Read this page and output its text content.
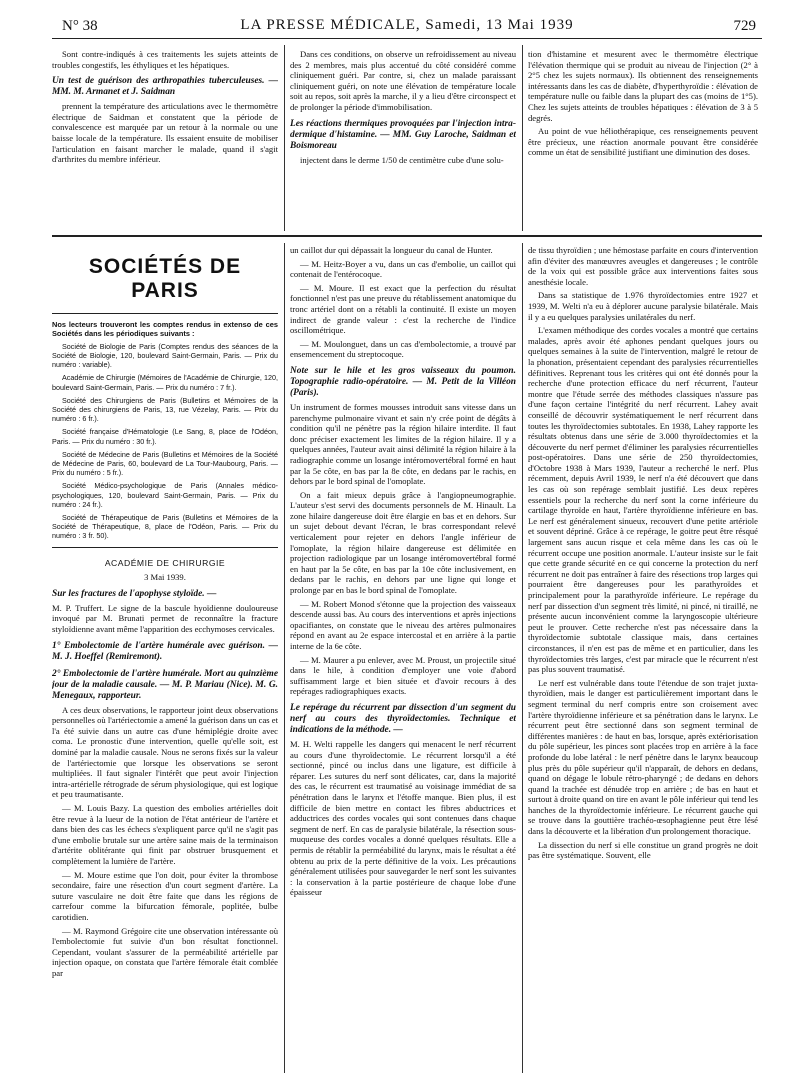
N° 38	LA PRESSE MÉDICALE, Samedi, 13 Mai 1939	729

Sont contre-indiqués à ces traitements les sujets atteints de troubles congestifs, les éthyliques et les hépatiques.

Un test de guérison des arthropathies tuberculeuses. — MM. M. Armanet et J. Saidman

prennent la température des articulations avec le thermomètre électrique de Saidman et constatent que la période de convalescence est marquée par un retour à la normale ou une baisse locale de la température. Ils essaient ensuite de mobiliser l'articulation en faisant marcher le malade, quand il s'agit d'arthrites du membre inférieur.

Dans ces conditions, on observe un refroidissement au niveau des 2 membres, mais plus accentué du côté considéré comme cliniquement guéri. Par contre, si, chez un malade paraissant cliniquement guéri, on note une élévation de température locale soit au repos, soit après la marche, il y a lieu d'être circonspect et de prolonger la période d'immobilisation.

Les réactions thermiques provoquées par l'injection intra-dermique d'histamine. — MM. Guy Laroche, Saidman et Boismoreau

injectent dans le derme 1/50 de centimètre cube d'une solu-

tion d'histamine et mesurent avec le thermomètre électrique l'élévation thermique qui se produit au niveau de l'injection (2° à 2°5 chez les sujets normaux). Ils obtiennent des renseignements intéressants dans les cas de diabète, d'hyperthyroïdie : élévation de température nulle ou faible dans la plupart des cas (moins de 1°5). Chez les sujets atteints de troubles hépatiques : élévation de 3 à 5 degrés.

Au point de vue héliothérapique, ces renseignements peuvent être précieux, une réaction anormale pouvant être considérée comme un état de sensibilité justifiant une diminution des doses.

SOCIÉTÉS DE PARIS

Nos lecteurs trouveront les comptes rendus in extenso de ces Sociétés dans les périodiques suivants :

Société de Biologie de Paris (Comptes rendus des séances de la Société de Biologie, 120, boulevard Saint-Germain, Paris. — Prix du numéro : variable).

Académie de Chirurgie (Mémoires de l'Académie de Chirurgie, 120, boulevard Saint-Germain, Paris. — Prix du numéro : 7 fr.).

Société des Chirurgiens de Paris (Bulletins et Mémoires de la Société des chirurgiens de Paris, 13, rue Vézelay, Paris. — Prix du numéro : 6 fr.).

Société française d'Hématologie (Le Sang, 8, place de l'Odéon, Paris. — Prix du numéro : 30 fr.).

Société de Médecine de Paris (Bulletins et Mémoires de la Société de Médecine de Paris, 60, boulevard de La Tour-Maubourg, Paris. — Prix du numéro : 5 fr.).

Société Médico-psychologique de Paris (Annales médico-psychologiques, 120, boulevard Saint-Germain, Paris. — Prix du numéro : 24 fr.).

Société de Thérapeutique de Paris (Bulletins et Mémoires de la Société de Thérapeutique, 8, place de l'Odéon, Paris. — Prix du numéro : 3 fr. 50).

ACADÉMIE DE CHIRURGIE

3 Mai 1939.

Sur les fractures de l'apophyse styloïde. —

M. P. Truffert. Le signe de la bascule hyoïdienne douloureuse invoqué par M. Brunati permet de reconnaître la fracture styloïdienne avant même l'apparition des ecchymoses cervicales.

1° Embolectomie de l'artère humérale avec guérison. — M. J. Hoeffel (Remiremont).

2° Embolectomie de l'artère humérale. Mort au quinzième jour de la maladie causale. — M. P. Mariau (Nice). M. G. Menegaux, rapporteur.

A ces deux observations, le rapporteur joint deux observations personnelles où l'artériectomie a amené la guérison dans un cas et l'a été suivie dans un autre cas d'une hémiplégie droite avec coma. Le pronostic d'une intervention, quelle qu'elle soit, est dominé par la maladie causale. Nous ne serons fixés sur la valeur de l'artériectomie que lorsque les observations se seront multipliées. Il faut signaler l'intérêt que peut avoir l'injection intra-artérielle rétrograde de sérum physiologique, qui est logique et peu traumatisante.

— M. Louis Bazy. La question des embolies artérielles doit être revue à la lueur de la notion de l'état antérieur de l'artère et dans bien des cas les échecs s'expliquent parce qu'il ne s'agit pas d'une embolie brutale sur une artère saine mais de la terminaison d'artérite oblitérante qui finit par obstruer brusquement et complètement la lumière de l'artère.

— M. Moure estime que l'on doit, pour éviter la thrombose secondaire, faire une résection d'un court segment d'artère. La suture vasculaire ne doit être faite que dans les régions de carrefour comme la bifurcation fémorale, poplitée, bulbe carotidien.

— M. Raymond Grégoire cite une observation intéressante où l'embolectomie fut suivie d'un bon résultat fonctionnel. Cependant, voulant s'assurer de la perméabilité artérielle par injection opaque, on constata que l'artère fémorale était comblée par

un caillot dur qui dépassait la longueur du canal de Hunter.

— M. Heitz-Boyer a vu, dans un cas d'embolie, un caillot qui contenait de l'entérocoque.

— M. Moure. Il est exact que la perfection du résultat fonctionnel n'est pas une preuve du rétablissement anatomique du tronc artériel dont on a rétabli la continuité. Il existe un moyen indirect de grande valeur : c'est la recherche de l'indice oscillométrique.

— M. Moulonguet, dans un cas d'embolectomie, a trouvé par ensemencement du streptocoque.

Note sur le hile et les gros vaisseaux du poumon. Topographie radio-opératoire. — M. Petit de la Villéon (Paris).

Un instrument de formes mousses introduit sans vitesse dans un parenchyme pulmonaire vivant et sain n'y crée point de dégâts à condition qu'il ne pénètre pas la région hilaire interdite. Il faut donc préciser exactement les limites de la région hilaire. Il y a quelques années, l'auteur avait ainsi délimité la région hilaire à la radiographie comme un losange intéromovertébral formé en haut par la 5e côte, en bas par la 8e côte, en dedans par le rachis, en dehors par le bord spinal de l'omoplate.

On a fait mieux depuis grâce à l'angiopneumographie. L'auteur s'est servi des documents personnels de M. Hinault. La zone hilaire dangereuse doit être élargie en bas et en dehors. Sur un sujet debout devant l'écran, le bras correspondant relevé verticalement pour rejeter en dehors l'angle inférieur de l'omoplate, la région hilaire dangereuse est délimitée en projection radiologique par un losange intéromovertébral formé en haut par la 5e côte, en bas par la 10e côte inclusivement, en dedans par le rachis, en dehors par une ligne qui longe et prolonge par en bas le bord spinal de l'omoplate.

— M. Robert Monod s'étonne que la projection des vaisseaux descende aussi bas. Au cours des interventions et après injections opacifiantes, on constate que le niveau des artères pulmonaires répond en avant au 2e espace intercostal et en arrière à la partie interne de la 6e côte.

— M. Maurer a pu enlever, avec M. Proust, un projectile situé dans le hile, à condition d'employer une voie d'abord suffisamment large et bien située et d'avoir recours à des repérages radiographiques exacts.

Le repérage du récurrent par dissection d'un segment du nerf au cours des thyroïdectomies. Technique et indications de la méthode. —

M. H. Welti rappelle les dangers qui menacent le nerf récurrent au cours d'une thyroïdectomie. Le récurrent lorsqu'il a été sectionné, pincé ou inclus dans une ligature, est difficile à réparer. Les sutures du nerf sont délicates, car, dans la majorité des cas, le récurrent est traumatisé au voisinage immédiat de sa pénétration dans le larynx et l'étoffe manque. Bien plus, il est difficile de bien mettre en contact les fibres abductrices et adductrices des cordes vocales qui sont contenues dans chaque segment de nerf. En cas de paralysie bilatérale, la résection sous-muqueuse des cordes vocales a donné quelques résultats. Elle a permis de rétablir la perméabilité du larynx, mais le résultat a été obtenu au prix de la perte définitive de la voix. Les précautions généralement utilisées pour sauvegarder le nerf sont les suivantes : la conservation à la partie postérieure de chaque lobe d'une épaisseur

de tissu thyroïdien ; une hémostase parfaite en cours d'intervention afin d'éviter des manœuvres aveugles et dangereuses ; le contrôle de la voix qui est possible grâce aux interventions faites sous anesthésie locale.

Dans sa statistique de 1.976 thyroïdectomies entre 1927 et 1939, M. Welti n'a eu à déplorer aucune paralysie bilatérale. Mais il y a eu quelques paralysies unilatérales du nerf.

L'examen méthodique des cordes vocales a montré que certains malades, après avoir été aphones pendant quelques jours ou quelques semaines à la suite de l'intervention, malgré le retour de la phonation, présentaient cependant des paralysies récurrentielles définitives. Reprenant tous les critères qui ont été donnés pour la recherche d'une protection efficace du nerf récurrent, l'auteur montre que l'étude serrée des méthodes classiques n'assure pas d'une façon certaine l'intégrité du nerf récurrent. Lahey avait conseillé de découvrir systématiquement le nerf récurrent dans toutes les thyroïdectomies subtotales. En 1938, Lahey rapporte les résultats obtenus dans une série de 3.000 thyroïdectomies et la découverte du nerf permet d'éliminer les paralysies récurrentielles post-opératoires. Dans une série de 250 thyroïdectomies, d'Octobre 1938 à Mars 1939, l'auteur a recherché le nerf. Plus récemment, depuis Avril 1939, le nerf n'a été découvert que dans les cas où son repérage semblait justifié. Les deux repères essentiels pour la recherche du nerf sont la corne inférieure du cartilage thyroïde en haut, l'artère thyroïdienne inférieure en bas. Le nerf est généralement sinueux, recouvert d'une petite artériole et souvent dépriné. Grâce à ce repérage, le goitre peut être résqué largement sans aucun risque et cela même dans les cas où le récurrent occupe une position anormale. L'auteur insiste sur le fait que cette grande sécurité en ce qui concerne la protection du nerf récurrent ne doit pas entraîner à faire des résections trop larges qui pourraient être dangereuses pour les parathyroïdes et principalement pour la parathyroïde inférieure. Le repérage du nerf par dissection d'un segment très limité, ni pincé, ni tiraillé, ne présente aucun inconvénient comme la laryngoscopie ultérieure peut le prouver. Cette recherche n'est pas nécessaire dans la thyroïdectomie subtotale classique mais, dans certaines circonstances, il n'en est pas de même et en particulier, dans les thyroïdectomies très larges, c'est par miracle que le récurrent n'est pas plus souvent traumatisé.

Le nerf est vulnérable dans toute l'étendue de son trajet juxta-thyroïdien, mais le danger est particulièrement important dans le segment terminal du nerf compris entre son croisement avec l'artère thyroïdienne inférieure et sa pénétration dans le larynx. Le récurrent peut être sectionné dans son segment terminal de différentes manières : de haut en bas, lorsque, après extériorisation du pôle supérieur, les pinces sont placées trop en arrière à la face profonde du lobe latéral : le nerf pénètre dans le larynx beaucoup plus près du pôle supérieur qu'il n'apparaît, de dehors en dedans, quand on dégage le lobule rétro-pharyngé ; de dedans en dehors quand la trachée est dénudée trop en arrière ; de bas en haut et surtout à droite quand on tire en avant le pôle inférieur qui tend les hanches de la thyroïdectomie inférieure. Le récurrent gauche qui se trouve dans la gouttière trachéo-œsophagienne peut être lésé dans la découverte et la libération d'un prolongement thoracique.

La dissection du nerf si elle constitue un grand progrès ne doit pas être systématique. Souvent, elle
